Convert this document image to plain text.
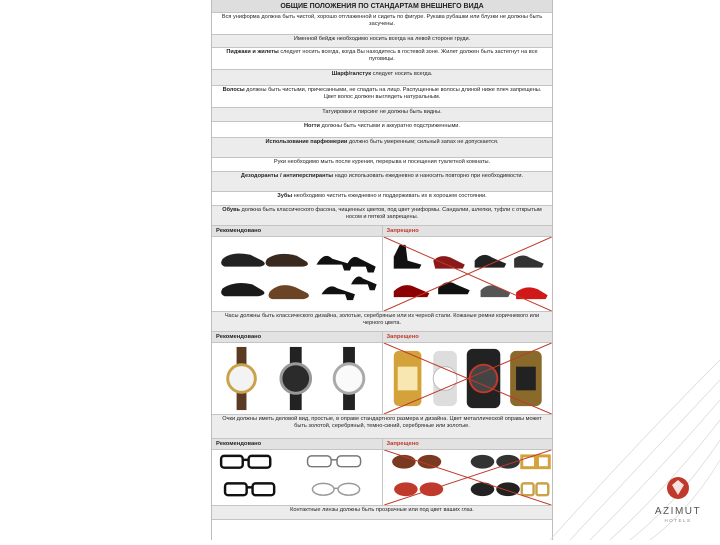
ОБЩИЕ ПОЛОЖЕНИЯ ПО СТАНДАРТАМ ВНЕШНЕГО ВИДА
Вся униформа должна быть чистой, хорошо отглаженной и сидеть по фигуре. Рукава рубашки или блузки не должны быть засучены.
Именной бейдж необходимо носить всегда на левой стороне груди.
Пиджаки и жилеты следует носить всегда, когда Вы находитесь в гостевой зоне. Жилет должен быть застегнут на все пуговицы.
Шарф/галстук следует носить всегда.
Волосы должны быть чистыми, причесанными, не спадать на лицо. Распущенные волосы длиной ниже плеч запрещены. Цвет волос должен выглядеть натуральным.
Татуировки и пирсинг не должны быть видны.
Ногти должны быть чистыми и аккуратно подстриженными.
Использование парфюмерии должно быть умеренным; сильный запах не допускается.
Руки необходимо мыть после курения, перерыва и посещения туалетной комнаты.
Дезодоранты / антиперспиранты надо использовать ежедневно и наносить повторно при необходимости.
Зубы необходимо чистить ежедневно и поддерживать их в хорошем состоянии.
Обувь должна быть классического фасона, чищенных цветов, под цвет униформы. Сандалии, шлепки, туфли с открытым носом и пяткой запрещены.
Рекомендовано	Запрещено
Часы должны быть классического дизайна, золотые, серебряные или из черной стали. Кожаные ремни коричневого или черного цвета.
Рекомендовано	Запрещено
Очки должны иметь деловой вид, простые, в оправе стандартного размера и дизайна. Цвет металлической оправы может быть золотой, серебряный, темно-синий, серебряные или золотые.
Рекомендовано	Запрещено
Контактные линзы должны быть прозрачные или под цвет ваших глаз.	AZIMUT
HOTELS
